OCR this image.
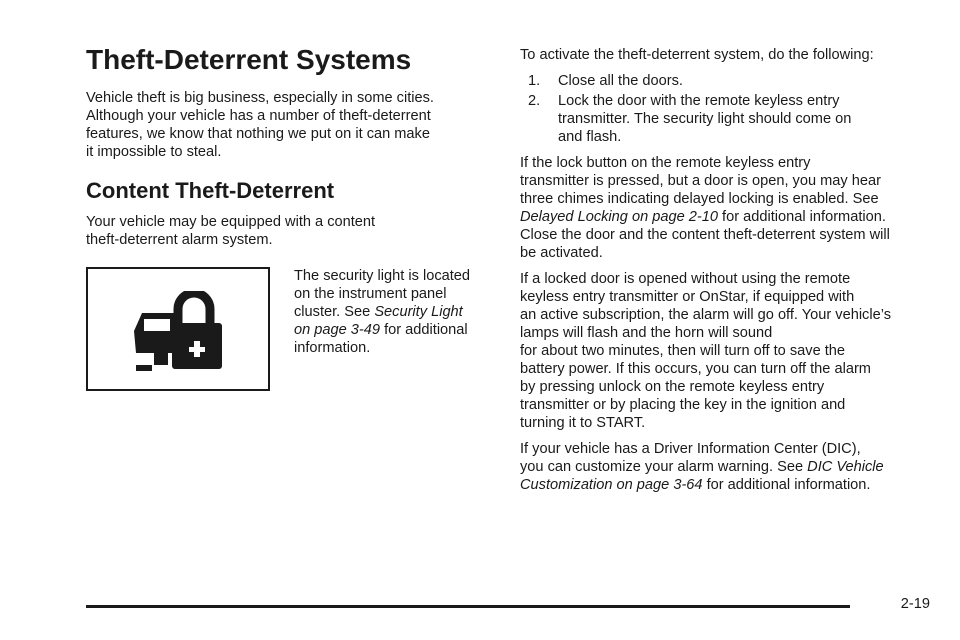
Theft-Deterrent Systems

Vehicle theft is big business, especially in some cities.
Although your vehicle has a number of theft-deterrent
features, we know that nothing we put on it can make
it impossible to steal.

Content Theft-Deterrent

Your vehicle may be equipped with a content
theft-deterrent alarm system.

The security light is located
on the instrument panel
cluster. See Security Light
on page 3-49 for additional
information.

To activate the theft-deterrent system, do the following:

1. Close all the doors.
2. Lock the door with the remote keyless entry
transmitter. The security light should come on
and flash.

If the lock button on the remote keyless entry
transmitter is pressed, but a door is open, you may hear
three chimes indicating delayed locking is enabled. See
Delayed Locking on page 2-10 for additional information.
Close the door and the content theft-deterrent system will
be activated.

If a locked door is opened without using the remote
keyless entry transmitter or OnStar, if equipped with
an active subscription, the alarm will go off. Your vehicle’s
lamps will flash and the horn will sound
for about two minutes, then will turn off to save the
battery power. If this occurs, you can turn off the alarm
by pressing unlock on the remote keyless entry
transmitter or by placing the key in the ignition and
turning it to START.

If your vehicle has a Driver Information Center (DIC),
you can customize your alarm warning. See DIC Vehicle
Customization on page 3-64 for additional information.

2-19
